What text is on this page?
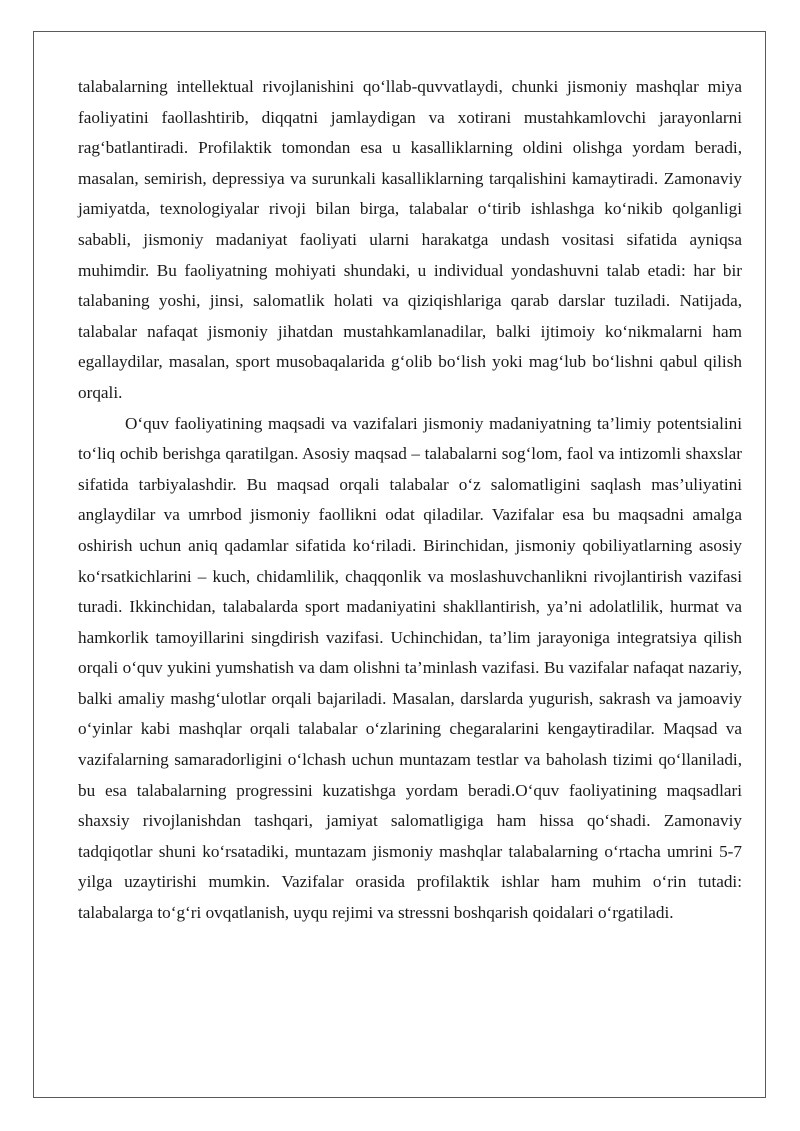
talabalarning intellektual rivojlanishini qo‘llab-quvvatlaydi, chunki jismoniy mashqlar miya faoliyatini faollashtirib, diqqatni jamlaydigan va xotirani mustahkamlovchi jarayonlarni rag‘batlantiradi. Profilaktik tomondan esa u kasalliklarning oldini olishga yordam beradi, masalan, semirish, depressiya va surunkali kasalliklarning tarqalishini kamaytiradi. Zamonaviy jamiyatda, texnologiyalar rivoji bilan birga, talabalar o‘tirib ishlashga ko‘nikib qolganligi sababli, jismoniy madaniyat faoliyati ularni harakatga undash vositasi sifatida ayniqsa muhimdir. Bu faoliyatning mohiyati shundaki, u individual yondashuvni talab etadi: har bir talabaning yoshi, jinsi, salomatlik holati va qiziqishlariga qarab darslar tuziladi. Natijada, talabalar nafaqat jismoniy jihatdan mustahkamlanadilar, balki ijtimoiy ko‘nikmalarni ham egallaydilar, masalan, sport musobaqalarida g‘olib bo‘lish yoki mag‘lub bo‘lishni qabul qilish orqali.

O‘quv faoliyatining maqsadi va vazifalari jismoniy madaniyatning ta’limiy potentsialini to‘liq ochib berishga qaratilgan. Asosiy maqsad – talabalarni sog‘lom, faol va intizomli shaxslar sifatida tarbiyalashdir. Bu maqsad orqali talabalar o‘z salomatligini saqlash mas’uliyatini anglaydilar va umrbod jismoniy faollikni odat qiladilar. Vazifalar esa bu maqsadni amalga oshirish uchun aniq qadamlar sifatida ko‘riladi. Birinchidan, jismoniy qobiliyatlarning asosiy ko‘rsatkichlarini – kuch, chidamlilik, chaqqonlik va moslashuvchanlikni rivojlantirish vazifasi turadi. Ikkinchidan, talabalarda sport madaniyatini shakllantirish, ya’ni adolatlilik, hurmat va hamkorlik tamoyillarini singdirish vazifasi. Uchinchidan, ta’lim jarayoniga integratsiya qilish orqali o‘quv yukini yumshatish va dam olishni ta’minlash vazifasi. Bu vazifalar nafaqat nazariy, balki amaliy mashg‘ulotlar orqali bajariladi. Masalan, darslarda yugurish, sakrash va jamoaviy o‘yinlar kabi mashqlar orqali talabalar o‘zlarining chegaralarini kengaytiradilar. Maqsad va vazifalarning samaradorligini o‘lchash uchun muntazam testlar va baholash tizimi qo‘llaniladi, bu esa talabalarning progressini kuzatishga yordam beradi.O‘quv faoliyatining maqsadlari shaxsiy rivojlanishdan tashqari, jamiyat salomatligiga ham hissa qo‘shadi. Zamonaviy tadqiqotlar shuni ko‘rsatadiki, muntazam jismoniy mashqlar talabalarning o‘rtacha umrini 5-7 yilga uzaytirishi mumkin. Vazifalar orasida profilaktik ishlar ham muhim o‘rin tutadi: talabalarga to‘g‘ri ovqatlanish, uyqu rejimi va stressni boshqarish qoidalari o‘rgatiladi.
